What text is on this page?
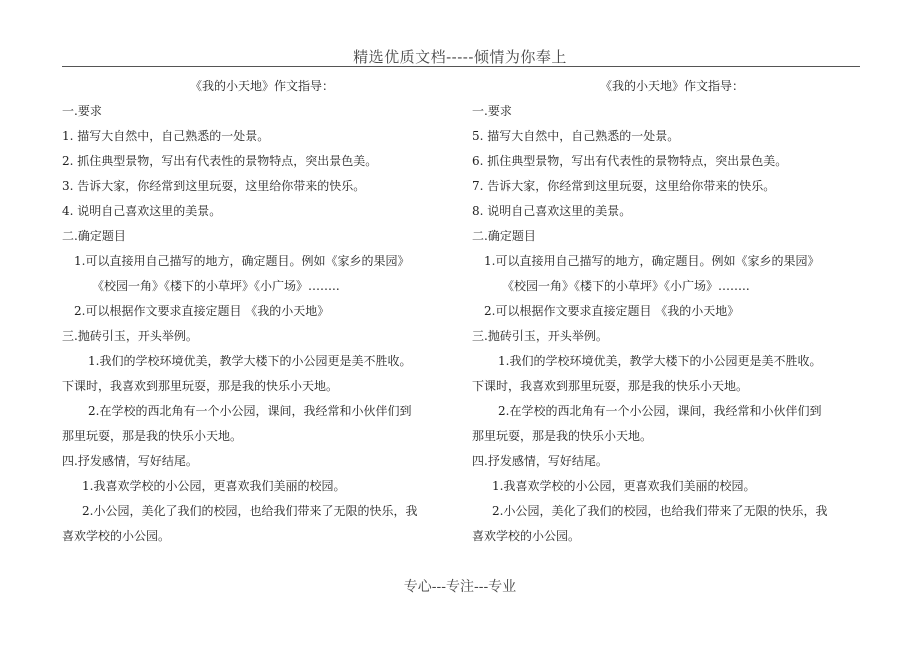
精选优质文档-----倾情为你奉上
《我的小天地》作文指导：
一.要求
1. 描写大自然中，自己熟悉的一处景。
2. 抓住典型景物，写出有代表性的景物特点，突出景色美。
3. 告诉大家，你经常到这里玩耍，这里给你带来的快乐。
4. 说明自己喜欢这里的美景。
二.确定题目
1.可以直接用自己描写的地方，确定题目。例如《家乡的果园》
《校园一角》《楼下的小草坪》《小广场》……..
2.可以根据作文要求直接定题目 《我的小天地》
三.抛砖引玉，开头举例。
1.我们的学校环境优美，教学大楼下的小公园更是美不胜收。
下课时，我喜欢到那里玩耍，那是我的快乐小天地。
2.在学校的西北角有一个小公园，课间，我经常和小伙伴们到
那里玩耍，那是我的快乐小天地。
四.抒发感情，写好结尾。
1.我喜欢学校的小公园，更喜欢我们美丽的校园。
2.小公园，美化了我们的校园，也给我们带来了无限的快乐，我
喜欢学校的小公园。
《我的小天地》作文指导：
一.要求
5. 描写大自然中，自己熟悉的一处景。
6. 抓住典型景物，写出有代表性的景物特点，突出景色美。
7. 告诉大家，你经常到这里玩耍，这里给你带来的快乐。
8. 说明自己喜欢这里的美景。
二.确定题目
1.可以直接用自己描写的地方，确定题目。例如《家乡的果园》
《校园一角》《楼下的小草坪》《小广场》……..
2.可以根据作文要求直接定题目 《我的小天地》
三.抛砖引玉，开头举例。
1.我们的学校环境优美，教学大楼下的小公园更是美不胜收。
下课时，我喜欢到那里玩耍，那是我的快乐小天地。
2.在学校的西北角有一个小公园，课间，我经常和小伙伴们到
那里玩耍，那是我的快乐小天地。
四.抒发感情，写好结尾。
1.我喜欢学校的小公园，更喜欢我们美丽的校园。
2.小公园，美化了我们的校园，也给我们带来了无限的快乐，我
喜欢学校的小公园。
专心---专注---专业
